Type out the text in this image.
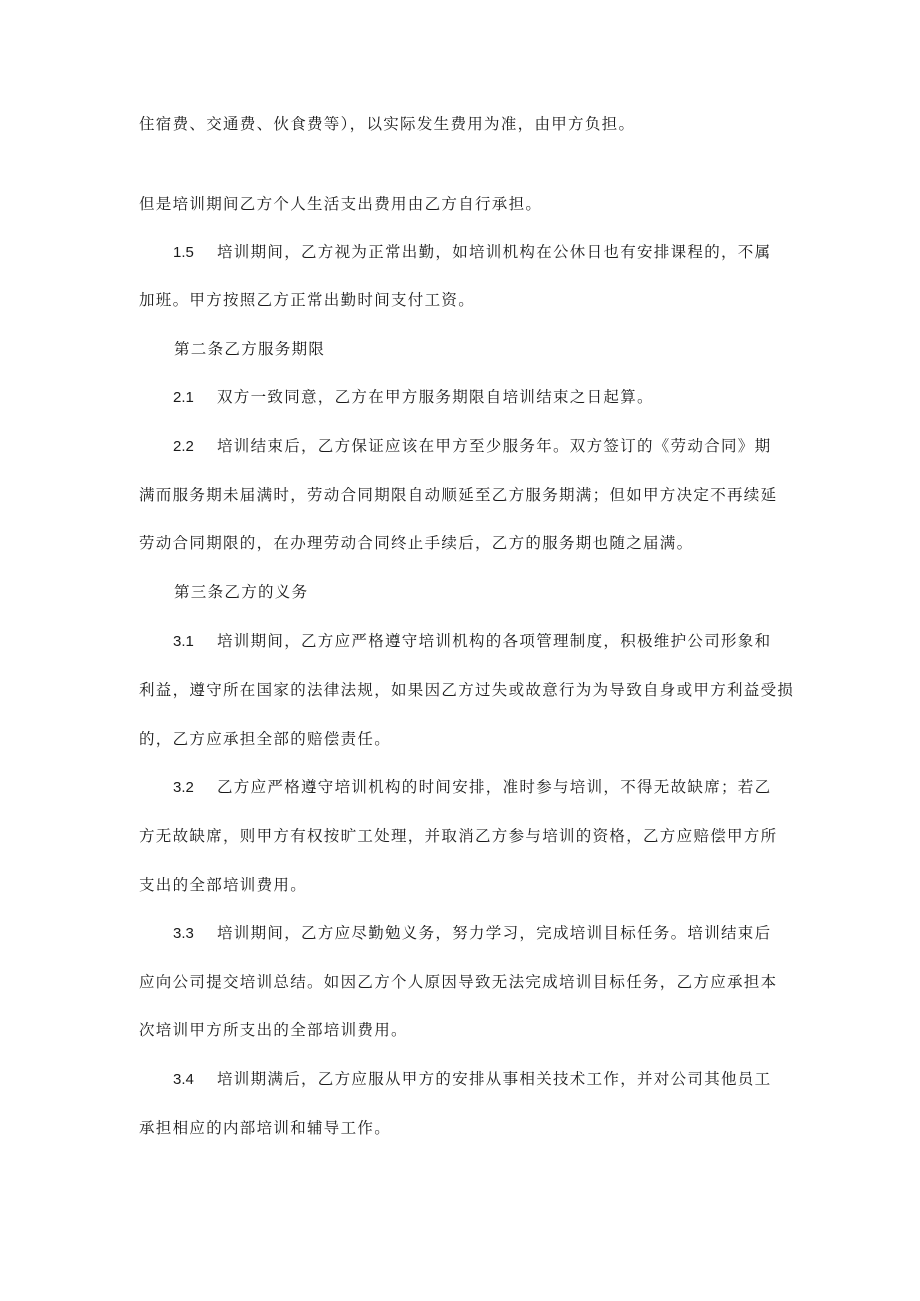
住宿费、交通费、伙食费等），以实际发生费用为准，由甲方负担。
但是培训期间乙方个人生活支出费用由乙方自行承担。
1.5 培训期间，乙方视为正常出勤，如培训机构在公休日也有安排课程的，不属
加班。甲方按照乙方正常出勤时间支付工资。
第二条乙方服务期限
2.1 双方一致同意，乙方在甲方服务期限自培训结束之日起算。
2.2 培训结束后，乙方保证应该在甲方至少服务年。双方签订的《劳动合同》期
满而服务期未届满时，劳动合同期限自动顺延至乙方服务期满；但如甲方决定不再续延
劳动合同期限的，在办理劳动合同终止手续后，乙方的服务期也随之届满。
第三条乙方的义务
3.1 培训期间，乙方应严格遵守培训机构的各项管理制度，积极维护公司形象和
利益，遵守所在国家的法律法规，如果因乙方过失或故意行为为导致自身或甲方利益受损
的，乙方应承担全部的赔偿责任。
3.2 乙方应严格遵守培训机构的时间安排，准时参与培训，不得无故缺席；若乙
方无故缺席，则甲方有权按旷工处理，并取消乙方参与培训的资格，乙方应赔偿甲方所
支出的全部培训费用。
3.3 培训期间，乙方应尽勤勉义务，努力学习，完成培训目标任务。培训结束后
应向公司提交培训总结。如因乙方个人原因导致无法完成培训目标任务，乙方应承担本
次培训甲方所支出的全部培训费用。
3.4 培训期满后，乙方应服从甲方的安排从事相关技术工作，并对公司其他员工
承担相应的内部培训和辅导工作。
